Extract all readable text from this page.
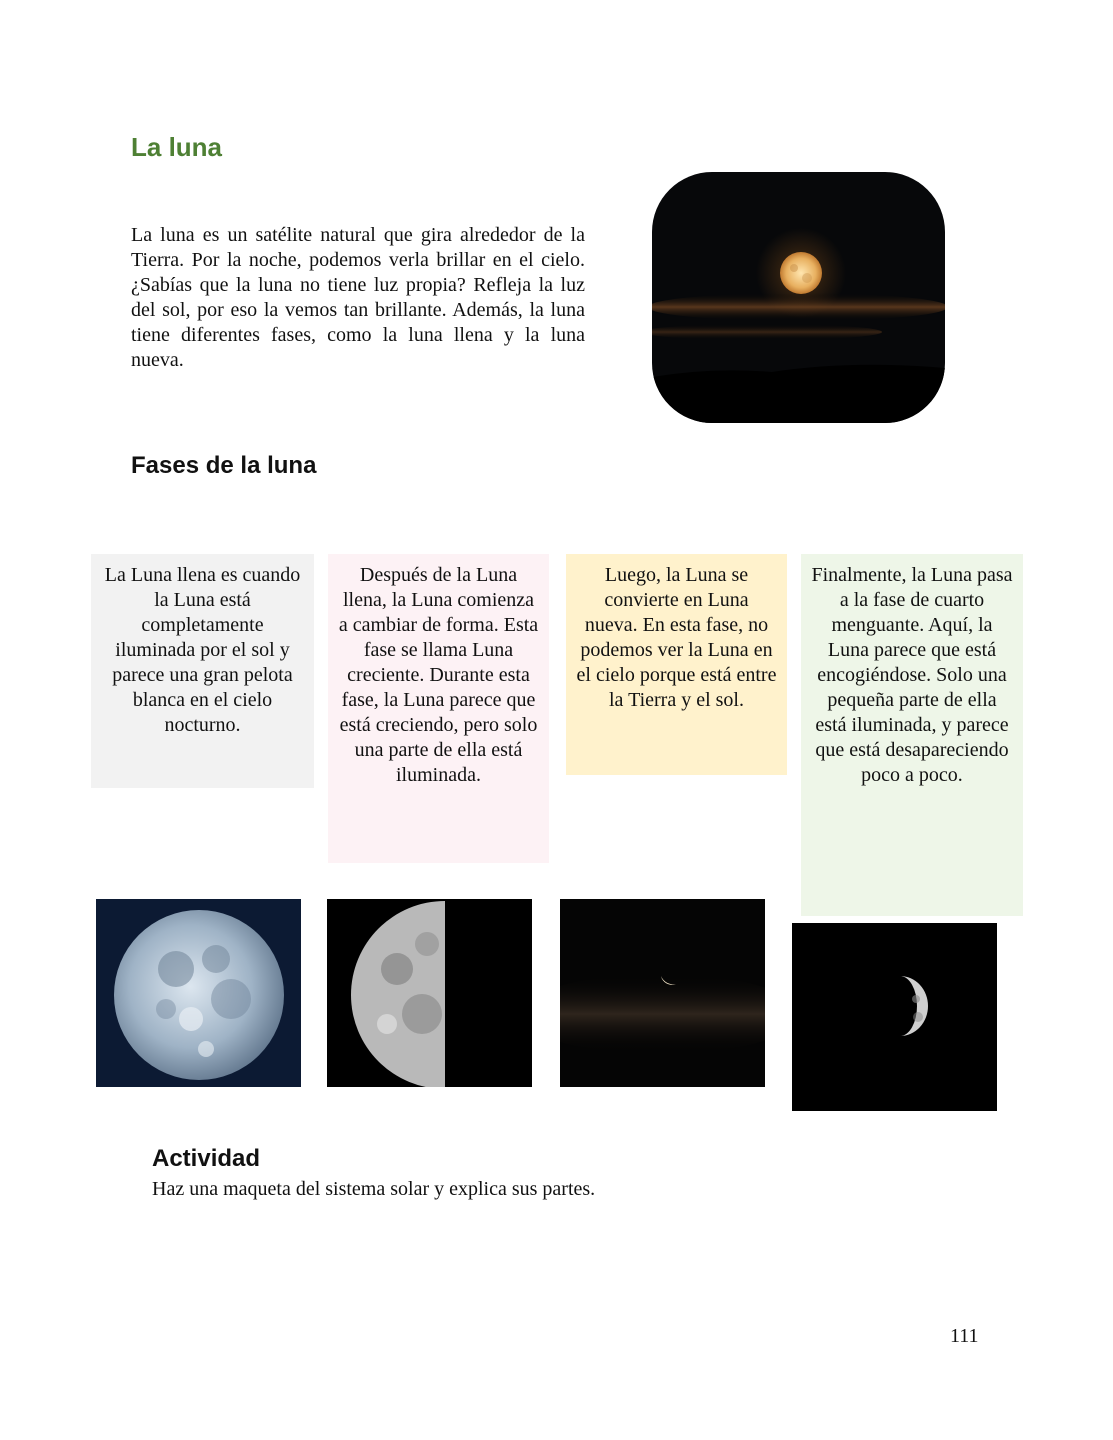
La luna

La luna es un satélite natural que gira alrededor de la Tierra. Por la noche, podemos verla brillar en el cielo. ¿Sabías que la luna no tiene luz propia? Refleja la luz del sol, por eso la vemos tan brillante. Además, la luna tiene diferentes fases, como la luna llena y la luna nueva.

Fases de la luna
La Luna llena es cuando la Luna está completamente iluminada por el sol y parece una gran pelota blanca en el cielo nocturno.
Después de la Luna llena, la Luna comienza a cambiar de forma. Esta fase se llama Luna creciente. Durante esta fase, la Luna parece que está creciendo, pero solo una parte de ella está iluminada.
Luego, la Luna se convierte en Luna nueva. En esta fase, no podemos ver la Luna en el cielo porque está entre la Tierra y el sol.
Finalmente, la Luna pasa a la fase de cuarto menguante. Aquí, la Luna parece que está encogiéndose. Solo una pequeña parte de ella está iluminada, y parece que está desapareciendo poco a poco.
Actividad

Haz una maqueta del sistema solar y explica sus partes.

111
